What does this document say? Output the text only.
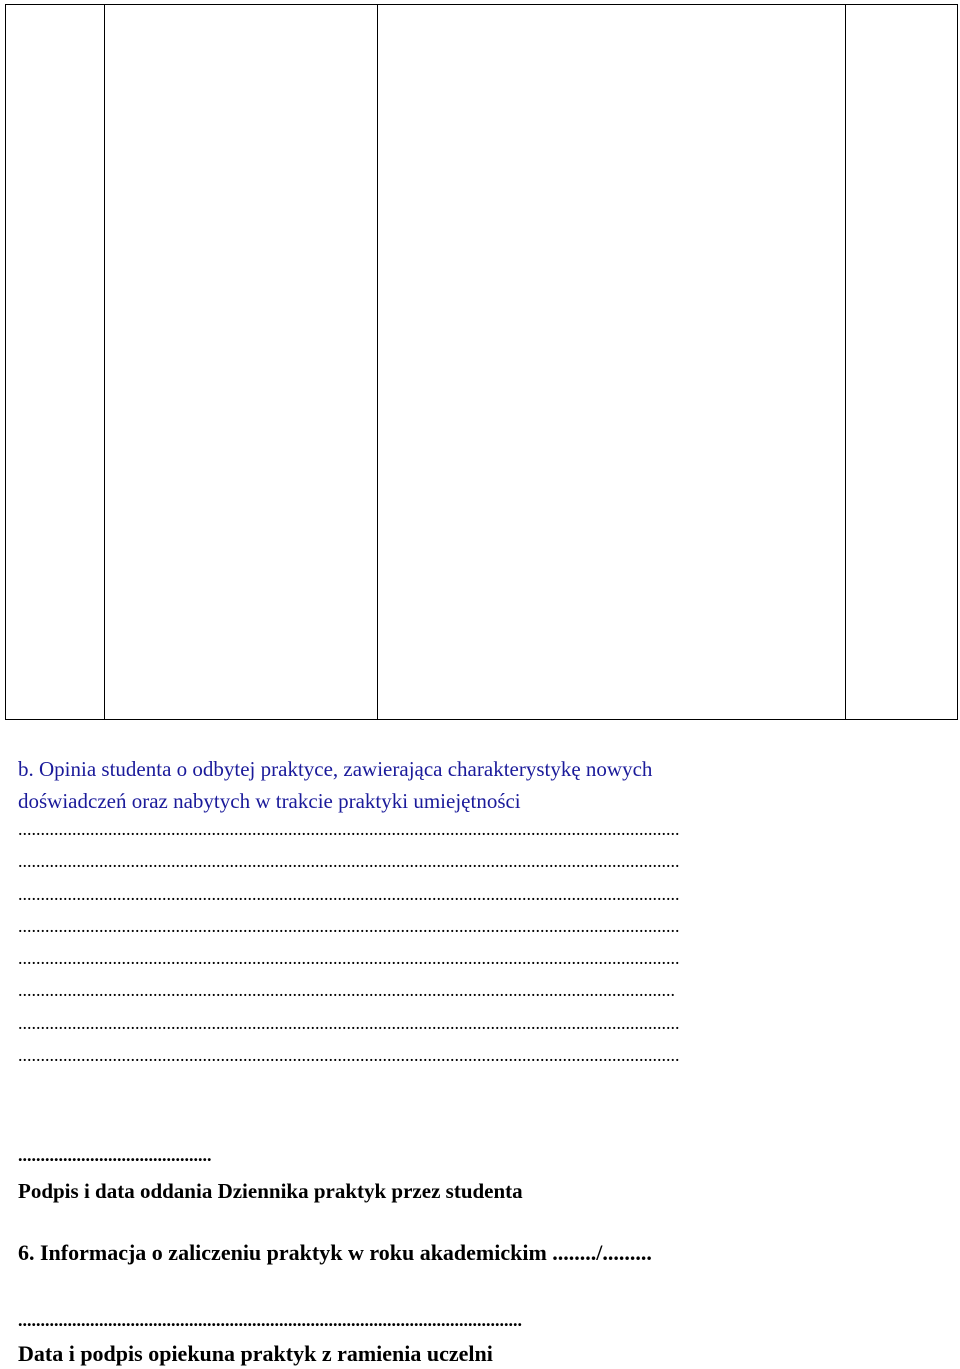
b. Opinia studenta o odbytej praktyce, zawierająca charakterystykę nowych
doświadczeń oraz nabytych w trakcie praktyki umiejętności
...................................................................................................................................................
...................................................................................................................................................
...................................................................................................................................................
...................................................................................................................................................
...................................................................................................................................................
..................................................................................................................................................
...................................................................................................................................................
...................................................................................................................................................
...........................................
Podpis i data oddania Dziennika praktyk przez studenta
6. Informacja o zaliczeniu praktyk w roku akademickim ......../.........
................................................................................................................
Data i podpis opiekuna praktyk z ramienia uczelni
